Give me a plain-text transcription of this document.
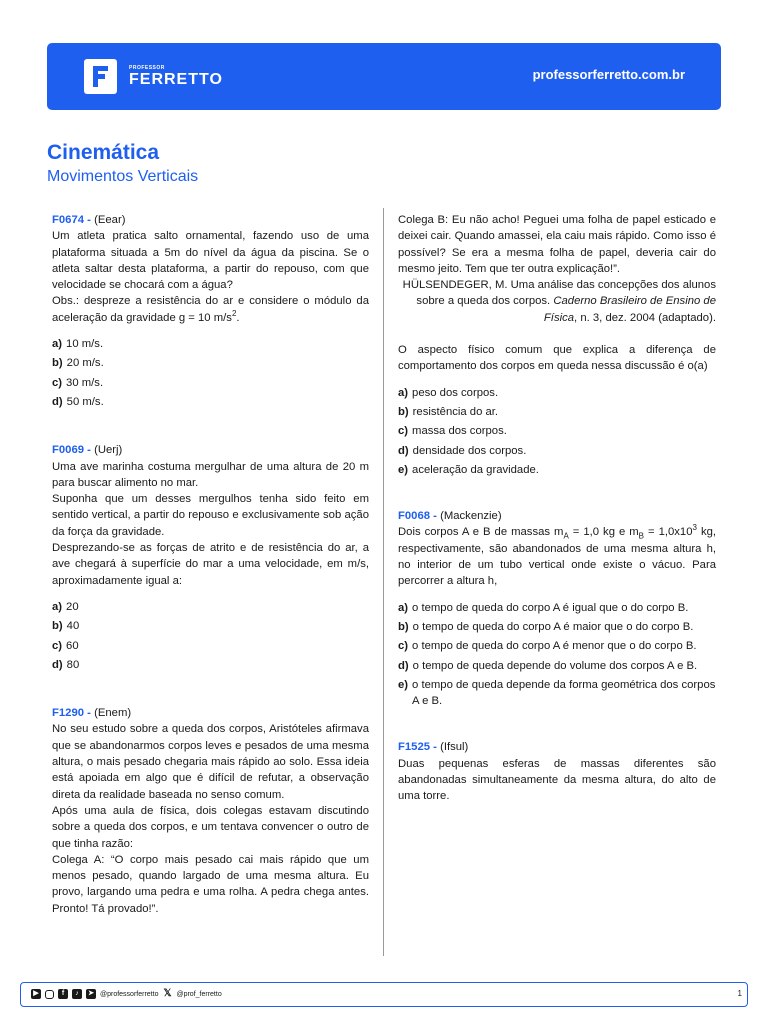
PROFESSOR
FERRETTO	professorferretto.com.br
Cinemática
Movimentos Verticais
F0674 - (Eear)

Um atleta pratica salto ornamental, fazendo uso de uma plataforma situada a 5m do nível da água da piscina. Se o atleta saltar desta plataforma, a partir do repouso, com que velocidade se chocará com a água?

Obs.: despreze a resistência do ar e considere o módulo da aceleração da gravidade g = 10 $m/s^2$.

a) 10 m/s.
b) 20 m/s.
c) 30 m/s.
d) 50 m/s.
F0069 - (Uerj)

Uma ave marinha costuma mergulhar de uma altura de 20 m para buscar alimento no mar.

Suponha que um desses mergulhos tenha sido feito em sentido vertical, a partir do repouso e exclusivamente sob ação da força da gravidade.

Desprezando-se as forças de atrito e de resistência do ar, a ave chegará à superfície do mar a uma velocidade, em m/s, aproximadamente igual a:

a) 20
b) 40
c) 60
d) 80
F1290 - (Enem)

No seu estudo sobre a queda dos corpos, Aristóteles afirmava que se abandonarmos corpos leves e pesados de uma mesma altura, o mais pesado chegaria mais rápido ao solo. Essa ideia está apoiada em algo que é difícil de refutar, a observação direta da realidade baseada no senso comum.

Após uma aula de física, dois colegas estavam discutindo sobre a queda dos corpos, e um tentava convencer o outro de que tinha razão:

Colega A: “O corpo mais pesado cai mais rápido que um menos pesado, quando largado de uma mesma altura. Eu provo, largando uma pedra e uma rolha. A pedra chega antes. Pronto! Tá provado!”.

Colega B: Eu não acho! Peguei uma folha de papel esticado e deixei cair. Quando amassei, ela caiu mais rápido. Como isso é possível? Se era a mesma folha de papel, deveria cair do mesmo jeito. Tem que ter outra explicação!”.

HÜLSENDEGER, M. Uma análise das concepções dos alunos sobre a queda dos corpos. Caderno Brasileiro de Ensino de Física, n. 3, dez. 2004 (adaptado).

O aspecto físico comum que explica a diferença de comportamento dos corpos em queda nessa discussão é o(a)

a) peso dos corpos.
b) resistência do ar.
c) massa dos corpos.
d) densidade dos corpos.
e) aceleração da gravidade.
F0068 - (Mackenzie)

Dois corpos A e B de massas $m_A = 1,0$ kg e $m_B = 1,0x10^3$ kg, respectivamente, são abandonados de uma mesma altura h, no interior de um tubo vertical onde existe o vácuo. Para percorrer a altura h,

a) o tempo de queda do corpo A é igual que o do corpo B.
b) o tempo de queda do corpo A é maior que o do corpo B.
c) o tempo de queda do corpo A é menor que o do corpo B.
d) o tempo de queda depende do volume dos corpos A e B.
e) o tempo de queda depende da forma geométrica dos corpos A e B.
F1525 - (Ifsul)

Duas pequenas esferas de massas diferentes são abandonadas simultaneamente da mesma altura, do alto de uma torre.

▶	f	♪	➤ @professorferretto 𝕏 @prof_ferretto	1
